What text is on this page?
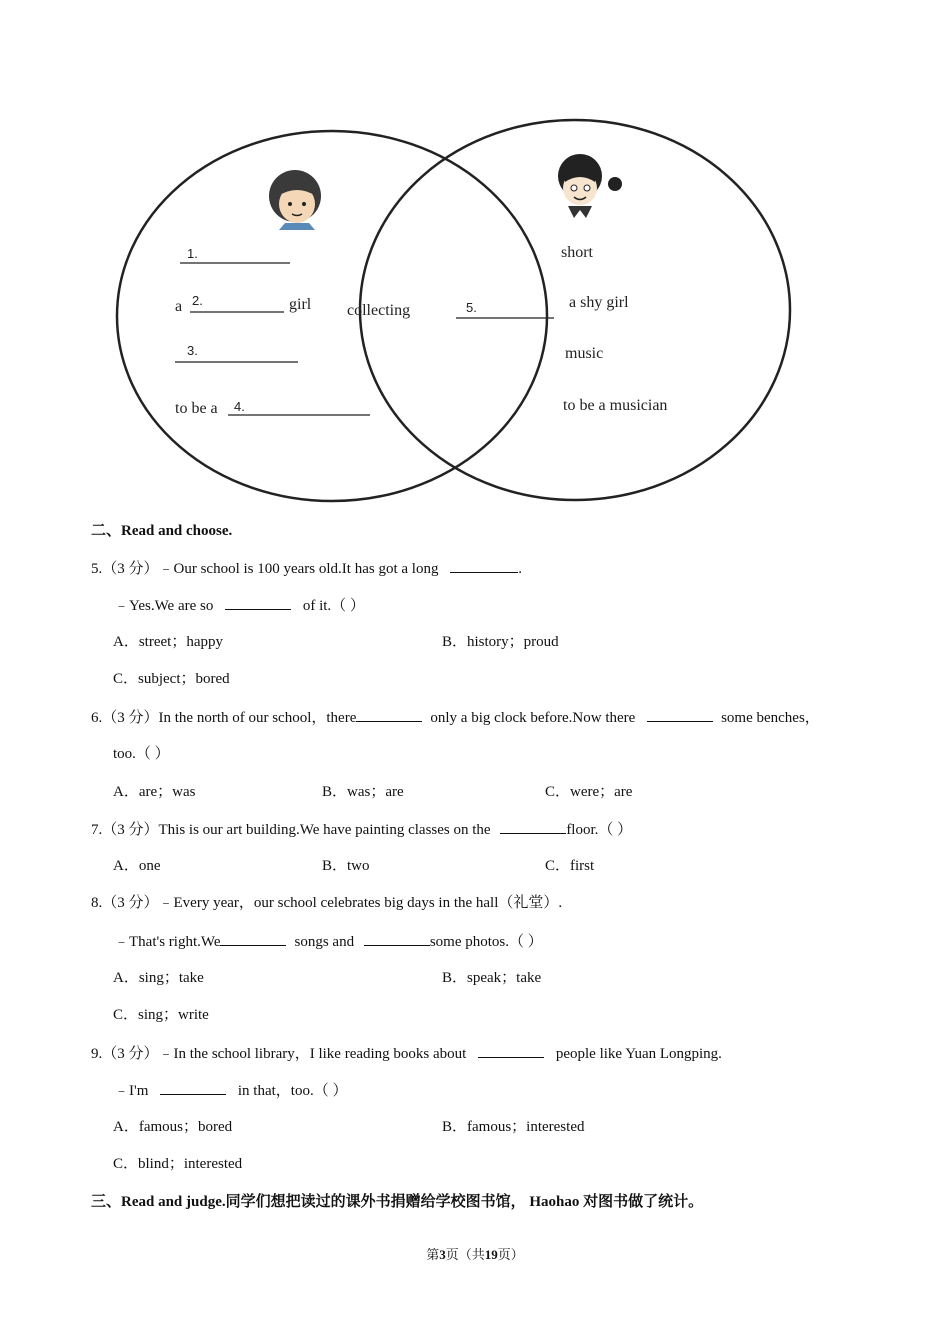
1.
a 2.	girl
3.
to be a 4.
collecting	5.
short
a shy girl
music
to be a musician
二、Read and choose.
5.（3 分）﹣Our school is 100 years old.It has got a long	.
﹣Yes.We are so	of it.（ ）
A．street；happy	B．history；proud
C．subject；bored
6.（3 分）In the north of our school，there	only a big clock before.Now there	some benches，
too.（ ）
A．are；was	B．was；are	C．were；are
7.（3 分）This is our art building.We have painting classes on the	floor.（ ）
A．one	B．two	C．first
8.（3 分）﹣Every year，our school celebrates big days in the hall（礼堂）.
﹣That's right.We	songs and	some photos.（ ）
A．sing；take	B．speak；take
C．sing；write
9.（3 分）﹣In the school library，I like reading books about	people like Yuan Longping.
﹣I'm	in that，too.（ ）
A．famous；bored	B．famous；interested
C．blind；interested
三、Read and judge.同学们想把读过的课外书捐赠给学校图书馆， Haohao 对图书做了统计。
第3页（共19页）
